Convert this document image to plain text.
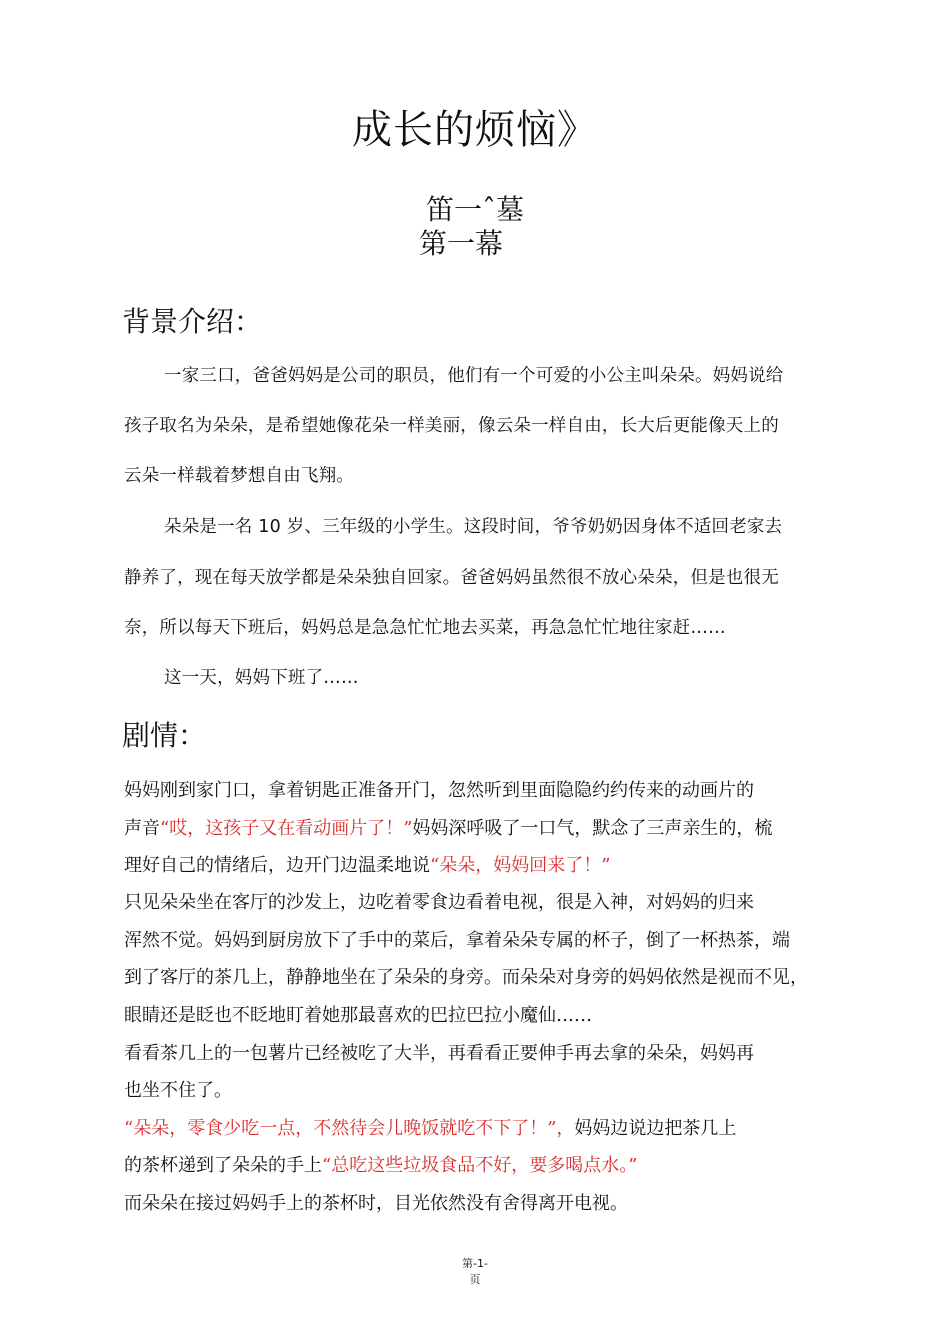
成长的烦恼》
笛一ˆ墓
第一幕
背景介绍：
一家三口，爸爸妈妈是公司的职员，他们有一个可爱的小公主叫朵朵。妈妈说给
孩子取名为朵朵，是希望她像花朵一样美丽，像云朵一样自由，长大后更能像天上的
云朵一样载着梦想自由飞翔。
朵朵是一名 10 岁、三年级的小学生。这段时间，爷爷奶奶因身体不适回老家去
静养了，现在每天放学都是朵朵独自回家。爸爸妈妈虽然很不放心朵朵，但是也很无
奈，所以每天下班后，妈妈总是急急忙忙地去买菜，再急急忙忙地往家赶……
这一天，妈妈下班了……
剧情：
妈妈刚到家门口，拿着钥匙正准备开门，忽然听到里面隐隐约约传来的动画片的
声音“哎，这孩子又在看动画片了！”妈妈深呼吸了一口气，默念了三声亲生的，梳
理好自己的情绪后，边开门边温柔地说“朵朵，妈妈回来了！”
只见朵朵坐在客厅的沙发上，边吃着零食边看着电视，很是入神，对妈妈的归来
浑然不觉。妈妈到厨房放下了手中的菜后，拿着朵朵专属的杯子，倒了一杯热茶，端
到了客厅的茶几上，静静地坐在了朵朵的身旁。而朵朵对身旁的妈妈依然是视而不见，
眼睛还是眨也不眨地盯着她那最喜欢的巴拉巴拉小魔仙……
看看茶几上的一包薯片已经被吃了大半，再看看正要伸手再去拿的朵朵，妈妈再
也坐不住了。
“朵朵，零食少吃一点，不然待会儿晚饭就吃不下了！”，妈妈边说边把茶几上
的茶杯递到了朵朵的手上“总吃这些垃圾食品不好，要多喝点水。”
而朵朵在接过妈妈手上的茶杯时，目光依然没有舍得离开电视。
第-1-
页
